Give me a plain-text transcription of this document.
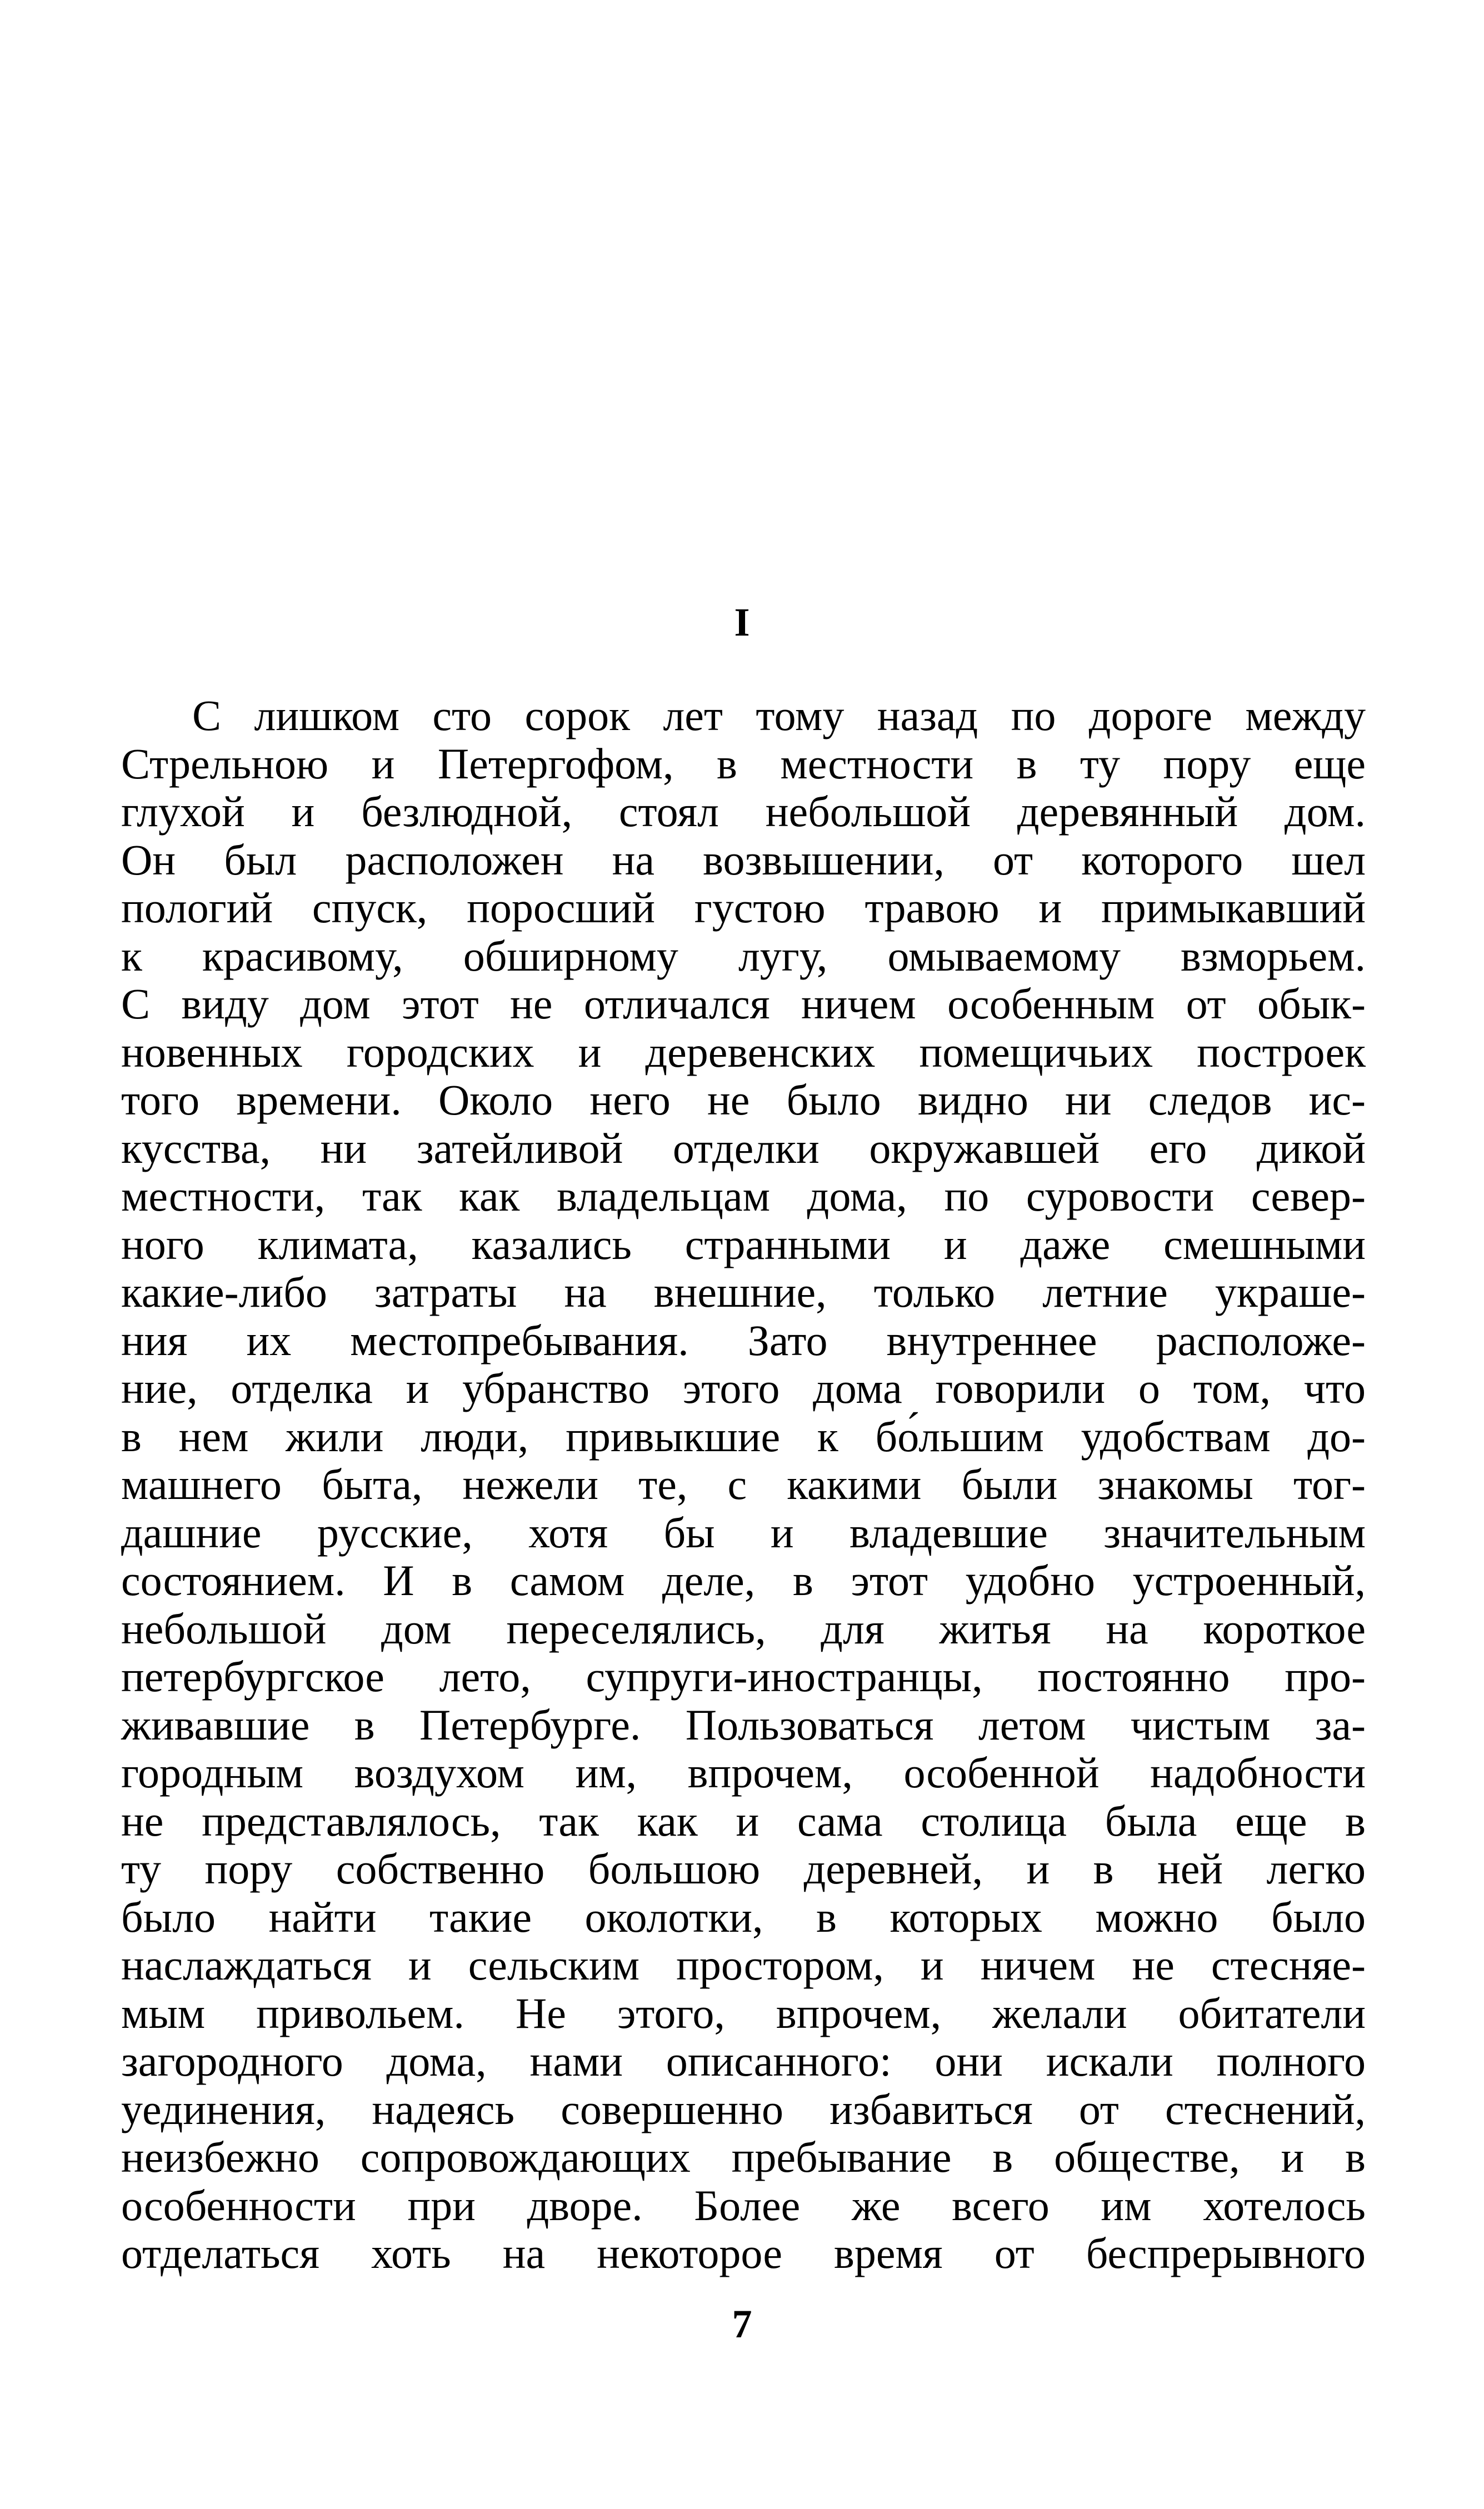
I
С лишком сто сорок лет тому назад по дороге между
Стрельною и Петергофом, в местности в ту пору еще
глухой и безлюдной, стоял небольшой деревянный дом.
Он был расположен на возвышении, от которого шел
пологий спуск, поросший густою травою и примыкавший
к красивому, обширному лугу, омываемому взморьем.
С виду дом этот не отличался ничем особенным от обык-
новенных городских и деревенских помещичьих построек
того времени. Около него не было видно ни следов ис-
кусства, ни затейливой отделки окружавшей его дикой
местности, так как владельцам дома, по суровости север-
ного климата, казались странными и даже смешными
какие-либо затраты на внешние, только летние украше-
ния их местопребывания. Зато внутреннее расположе-
ние, отделка и убранство этого дома говорили о том, что
в нем жили люди, привыкшие к бо́льшим удобствам до-
машнего быта, нежели те, с какими были знакомы тог-
дашние русские, хотя бы и владевшие значительным
состоянием. И в самом деле, в этот удобно устроенный,
небольшой дом переселялись, для житья на короткое
петербургское лето, супруги-иностранцы, постоянно про-
живавшие в Петербурге. Пользоваться летом чистым за-
городным воздухом им, впрочем, особенной надобности
не представлялось, так как и сама столица была еще в
ту пору собственно большою деревней, и в ней легко
было найти такие околотки, в которых можно было
наслаждаться и сельским простором, и ничем не стесняе-
мым привольем. Не этого, впрочем, желали обитатели
загородного дома, нами описанного: они искали полного
уединения, надеясь совершенно избавиться от стеснений,
неизбежно сопровождающих пребывание в обществе, и в
особенности при дворе. Более же всего им хотелось
отделаться хоть на некоторое время от беспрерывного
7
